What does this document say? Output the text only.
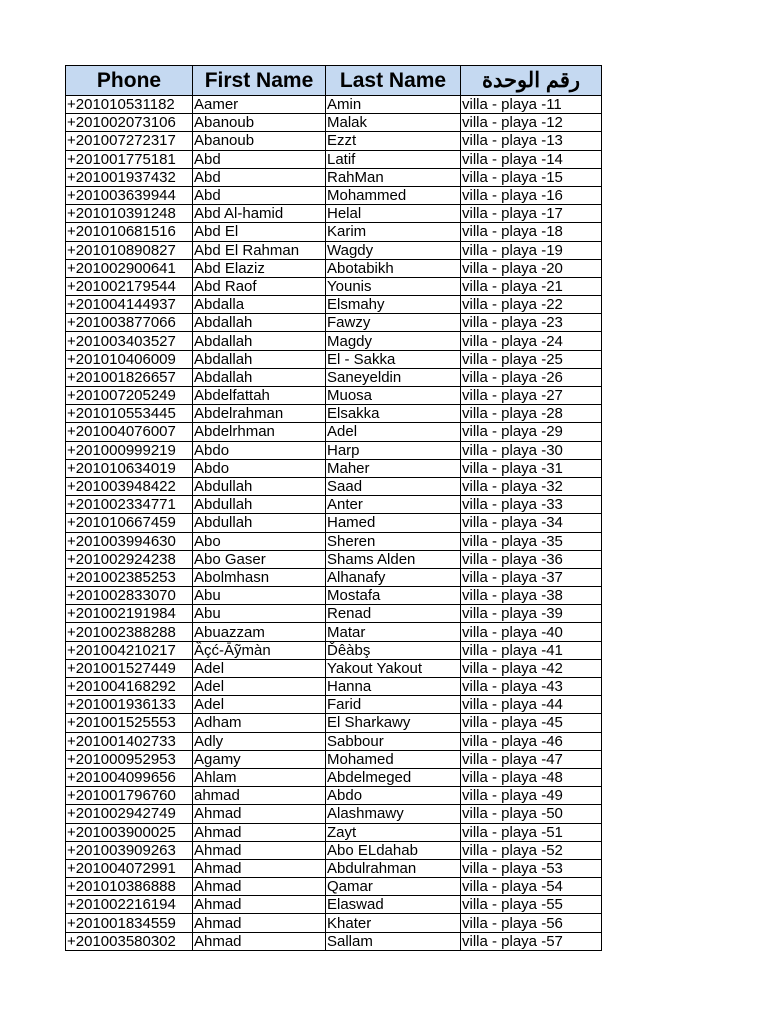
Phone	First Name	Last Name	رقم الوحدة
+201010531182	Aamer	Amin	villa - playa -11
+201002073106	Abanoub	Malak	villa - playa -12
+201007272317	Abanoub	Ezzt	villa - playa -13
+201001775181	Abd	Latif	villa - playa -14
+201001937432	Abd	RahMan	villa - playa -15
+201003639944	Abd	Mohammed	villa - playa -16
+201010391248	Abd Al-hamid	Helal	villa - playa -17
+201010681516	Abd El	Karim	villa - playa -18
+201010890827	Abd El Rahman	Wagdy	villa - playa -19
+201002900641	Abd Elaziz	Abotabikh	villa - playa -20
+201002179544	Abd Raof	Younis	villa - playa -21
+201004144937	Abdalla	Elsmahy	villa - playa -22
+201003877066	Abdallah	Fawzy	villa - playa -23
+201003403527	Abdallah	Magdy	villa - playa -24
+201010406009	Abdallah	El - Sakka	villa - playa -25
+201001826657	Abdallah	Saneyeldin	villa - playa -26
+201007205249	Abdelfattah	Muosa	villa - playa -27
+201010553445	Abdelrahman	Elsakka	villa - playa -28
+201004076007	Abdelrhman	Adel	villa - playa -29
+201000999219	Abdo	Harp	villa - playa -30
+201010634019	Abdo	Maher	villa - playa -31
+201003948422	Abdullah	Saad	villa - playa -32
+201002334771	Abdullah	Anter	villa - playa -33
+201010667459	Abdullah	Hamed	villa - playa -34
+201003994630	Abo	Sheren	villa - playa -35
+201002924238	Abo Gaser	Shams Alden	villa - playa -36
+201002385253	Abolmhasn	Alhanafy	villa - playa -37
+201002833070	Abu	Mostafa	villa - playa -38
+201002191984	Abu	Renad	villa - playa -39
+201002388288	Abuazzam	Matar	villa - playa -40
+201004210217	Ȁçć-Āỹmàn	Ďêàbş	villa - playa -41
+201001527449	Adel	Yakout Yakout	villa - playa -42
+201004168292	Adel	Hanna	villa - playa -43
+201001936133	Adel	Farid	villa - playa -44
+201001525553	Adham	El Sharkawy	villa - playa -45
+201001402733	Adly	Sabbour	villa - playa -46
+201000952953	Agamy	Mohamed	villa - playa -47
+201004099656	Ahlam	Abdelmeged	villa - playa -48
+201001796760	ahmad	Abdo	villa - playa -49
+201002942749	Ahmad	Alashmawy	villa - playa -50
+201003900025	Ahmad	Zayt	villa - playa -51
+201003909263	Ahmad	Abo ELdahab	villa - playa -52
+201004072991	Ahmad	Abdulrahman	villa - playa -53
+201010386888	Ahmad	Qamar	villa - playa -54
+201002216194	Ahmad	Elaswad	villa - playa -55
+201001834559	Ahmad	Khater	villa - playa -56
+201003580302	Ahmad	Sallam	villa - playa -57
